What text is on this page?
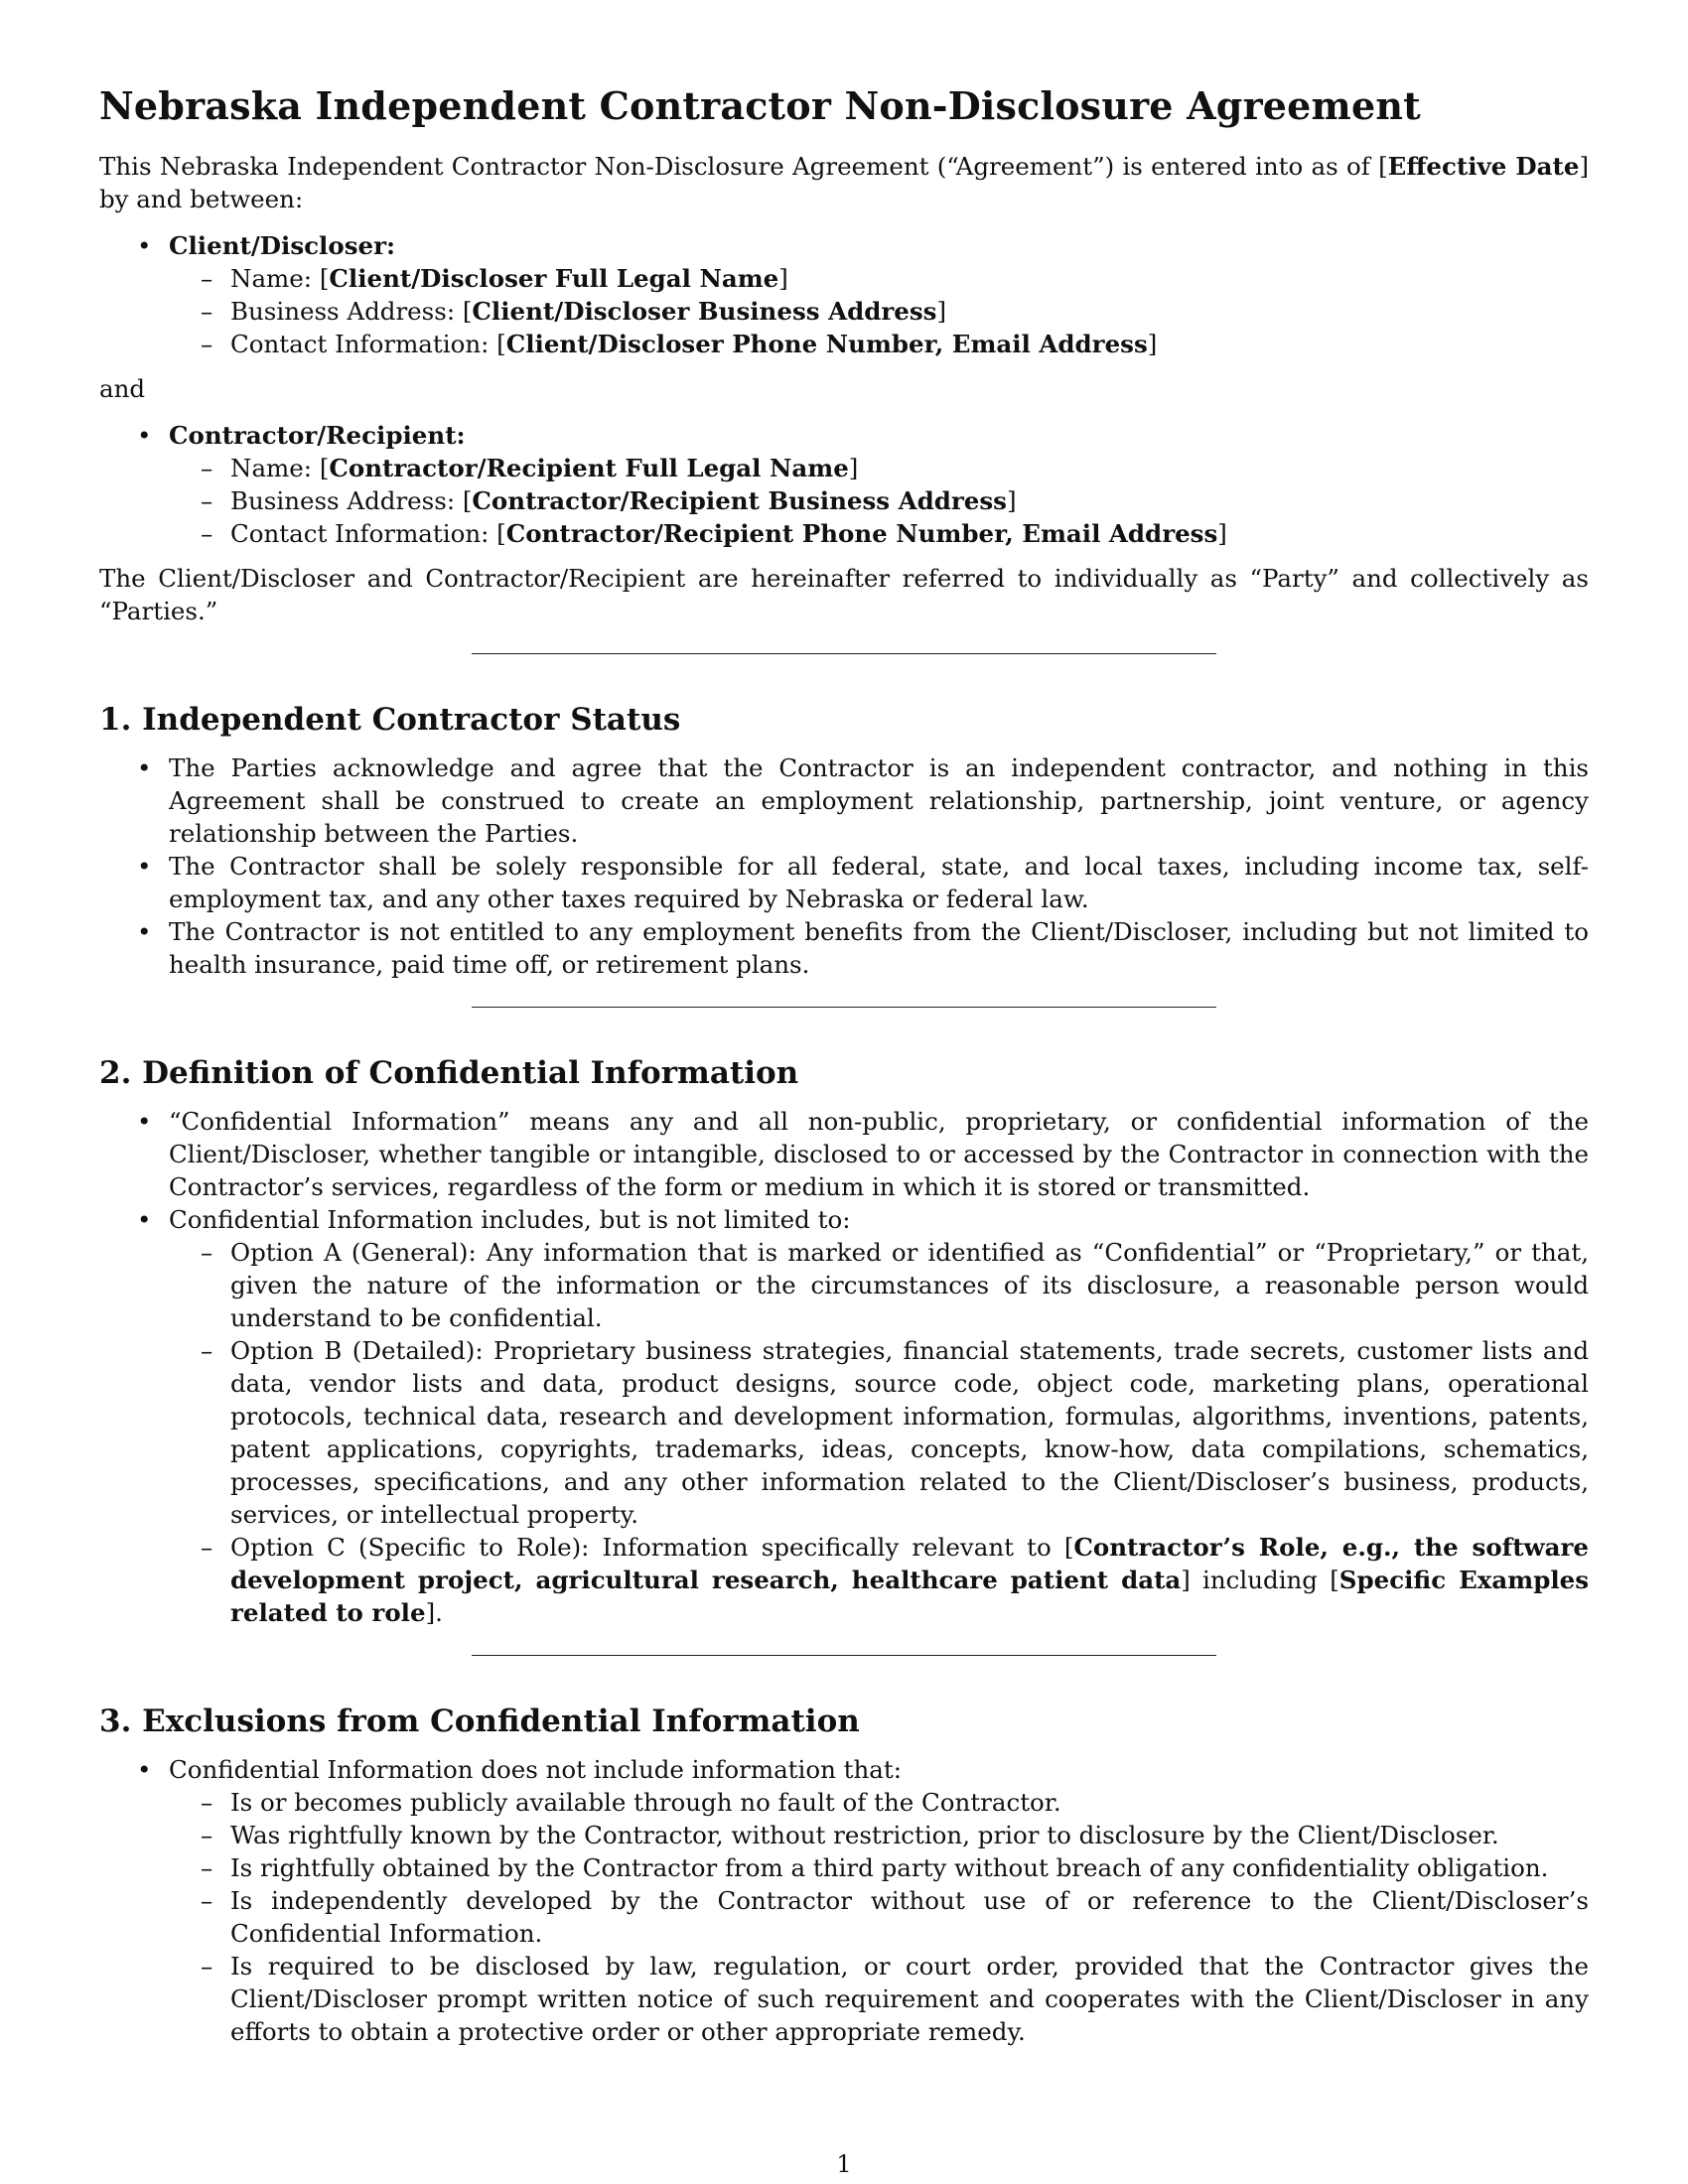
Nebraska Independent Contractor Non-Disclosure Agreement

This Nebraska Independent Contractor Non-Disclosure Agreement (“Agreement”) is entered into as of [Effective Date] by and between:

• Client/Discloser:
– Name: [Client/Discloser Full Legal Name]
– Business Address: [Client/Discloser Business Address]
– Contact Information: [Client/Discloser Phone Number, Email Address]

and

• Contractor/Recipient:
– Name: [Contractor/Recipient Full Legal Name]
– Business Address: [Contractor/Recipient Business Address]
– Contact Information: [Contractor/Recipient Phone Number, Email Address]

The Client/Discloser and Contractor/Recipient are hereinafter referred to individually as “Party” and collectively as “Parties.”

1. Independent Contractor Status
• The Parties acknowledge and agree that the Contractor is an independent contractor, and nothing in this Agreement shall be construed to create an employment relationship, partnership, joint venture, or agency relationship between the Parties.
• The Contractor shall be solely responsible for all federal, state, and local taxes, including income tax, self-employment tax, and any other taxes required by Nebraska or federal law.
• The Contractor is not entitled to any employment benefits from the Client/Discloser, including but not limited to health insurance, paid time off, or retirement plans.
2. Definition of Confidential Information
• “Confidential Information” means any and all non-public, proprietary, or confidential information of the Client/Discloser, whether tangible or intangible, disclosed to or accessed by the Contractor in connection with the Contractor’s services, regardless of the form or medium in which it is stored or transmitted.
• Confidential Information includes, but is not limited to:
– Option A (General): Any information that is marked or identified as “Confidential” or “Proprietary,” or that, given the nature of the information or the circumstances of its disclosure, a reasonable person would understand to be confidential.
– Option B (Detailed): Proprietary business strategies, financial statements, trade secrets, customer lists and data, vendor lists and data, product designs, source code, object code, marketing plans, operational protocols, technical data, research and development information, formulas, algorithms, inventions, patents, patent applications, copyrights, trademarks, ideas, concepts, know-how, data compilations, schematics, processes, specifications, and any other information related to the Client/Discloser’s business, products, services, or intellectual property.
– Option C (Specific to Role): Information specifically relevant to [Contractor’s Role, e.g., the software development project, agricultural research, healthcare patient data] including [Specific Examples related to role].
3. Exclusions from Confidential Information
• Confidential Information does not include information that:
– Is or becomes publicly available through no fault of the Contractor.
– Was rightfully known by the Contractor, without restriction, prior to disclosure by the Client/Discloser.
– Is rightfully obtained by the Contractor from a third party without breach of any confidentiality obligation.
– Is independently developed by the Contractor without use of or reference to the Client/Discloser’s Confidential Information.
– Is required to be disclosed by law, regulation, or court order, provided that the Contractor gives the Client/Discloser prompt written notice of such requirement and cooperates with the Client/Discloser in any efforts to obtain a protective order or other appropriate remedy.
1
